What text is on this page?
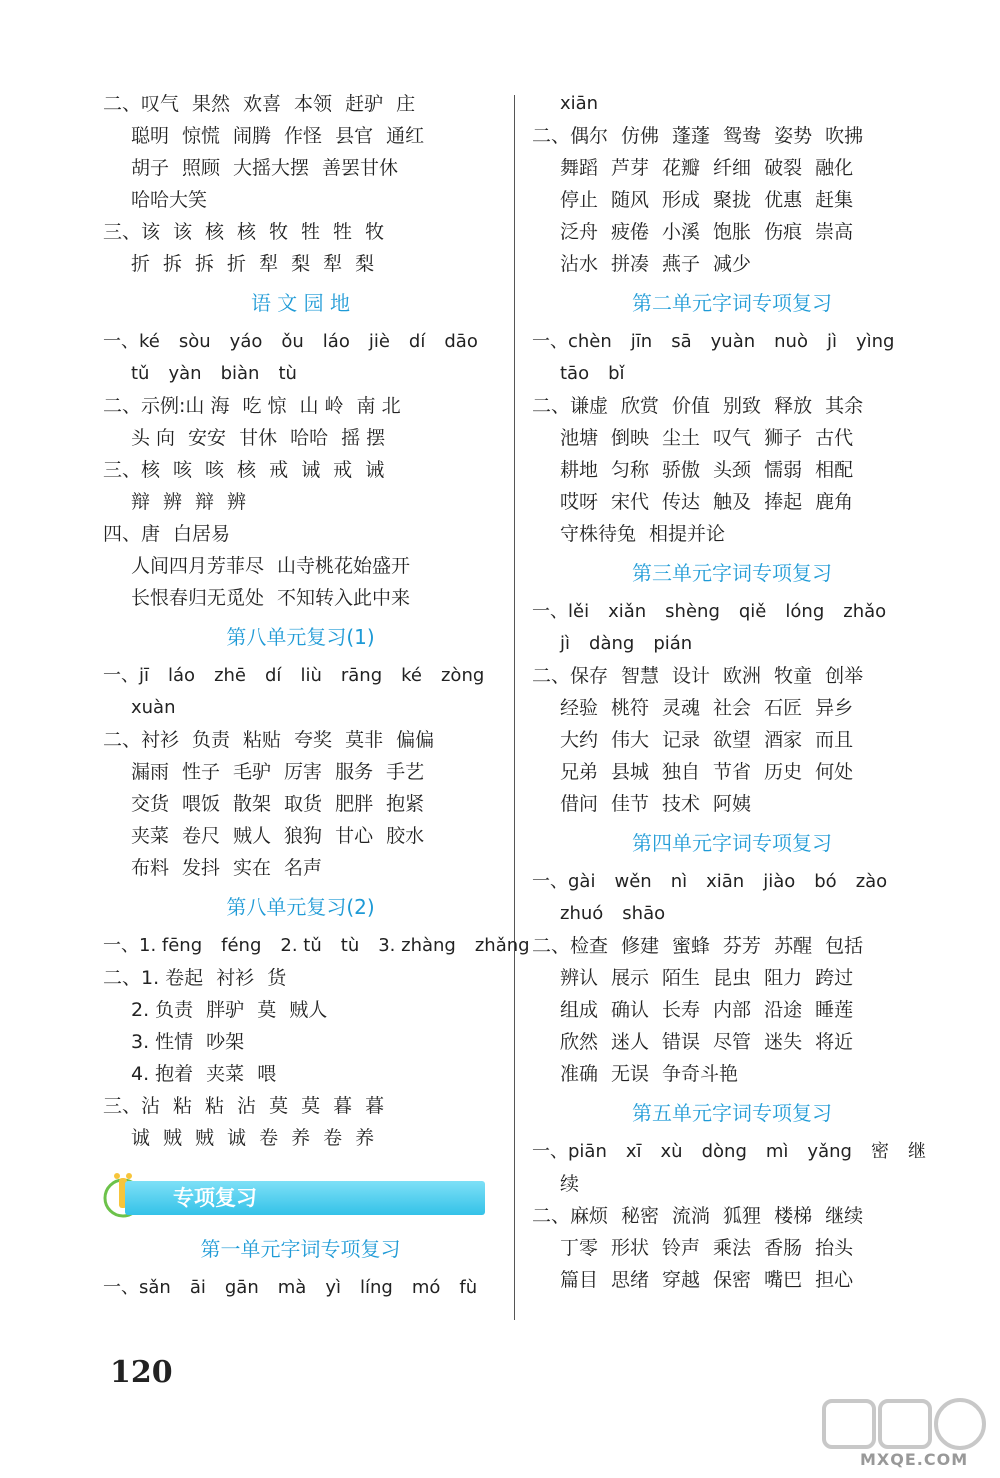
二、叹气 果然 欢喜 本领 赶驴 庄
聪明 惊慌 闹腾 作怪 县官 通红
胡子 照顾 大摇大摆 善罢甘休
哈哈大笑
三、该 该 核 核 牧 牲 牲 牧
折 拆 拆 折 犁 梨 犁 梨
语 文 园 地
一、ké sòu yáo ǒu láo jiè dí dāo
tǔ yàn biàn tù
二、示例:山 海 吃 惊 山 岭 南 北
头 向 安安 甘休 哈哈 摇 摆
三、核 咳 咳 核 戒 诫 戒 诫
辩 辨 辩 辨
四、唐 白居易
人间四月芳菲尽 山寺桃花始盛开
长恨春归无觅处 不知转入此中来
第八单元复习(1)
一、jī láo zhē dí liù rāng ké zòng
xuàn
二、衬衫 负责 粘贴 夸奖 莫非 偏偏
漏雨 性子 毛驴 厉害 服务 手艺
交货 喂饭 散架 取货 肥胖 抱紧
夹菜 卷尺 贼人 狼狗 甘心 胶水
布料 发抖 实在 名声
第八单元复习(2)
一、1. fēng féng 2. tǔ tù 3. zhàng zhǎng
二、1. 卷起 衬衫 货
2. 负责 胖驴 莫 贼人
3. 性情 吵架
4. 抱着 夹菜 喂
三、沾 粘 粘 沾 莫 莫 暮 暮
诚 贼 贼 诚 卷 养 卷 养
专项复习
第一单元字词专项复习
一、sǎn āi gān mà yì líng mó fù
xiān
二、偶尔 仿佛 蓬蓬 鸳鸯 姿势 吹拂
舞蹈 芦芽 花瓣 纤细 破裂 融化
停止 随风 形成 聚拢 优惠 赶集
泛舟 疲倦 小溪 饱胀 伤痕 崇高
沾水 拼凑 燕子 减少
第二单元字词专项复习
一、chèn jīn sā yuàn nuò jì yìng
tāo bǐ
二、谦虚 欣赏 价值 别致 释放 其余
池塘 倒映 尘土 叹气 狮子 古代
耕地 匀称 骄傲 头颈 懦弱 相配
哎呀 宋代 传达 触及 捧起 鹿角
守株待兔 相提并论
第三单元字词专项复习
一、lěi xiǎn shèng qiě lóng zhǎo
jì dàng pián
二、保存 智慧 设计 欧洲 牧童 创举
经验 桃符 灵魂 社会 石匠 异乡
大约 伟大 记录 欲望 酒家 而且
兄弟 县城 独自 节省 历史 何处
借问 佳节 技术 阿姨
第四单元字词专项复习
一、gài wěn nì xiān jiào bó zào
zhuó shāo
二、检查 修建 蜜蜂 芬芳 苏醒 包括
辨认 展示 陌生 昆虫 阻力 跨过
组成 确认 长寿 内部 沿途 睡莲
欣然 迷人 错误 尽管 迷失 将近
准确 无误 争奇斗艳
第五单元字词专项复习
一、piān xī xù dòng mì yǎng 密 继
续
二、麻烦 秘密 流淌 狐狸 楼梯 继续
丁零 形状 铃声 乘法 香肠 抬头
篇目 思绪 穿越 保密 嘴巴 担心
120
MXQE.COM
